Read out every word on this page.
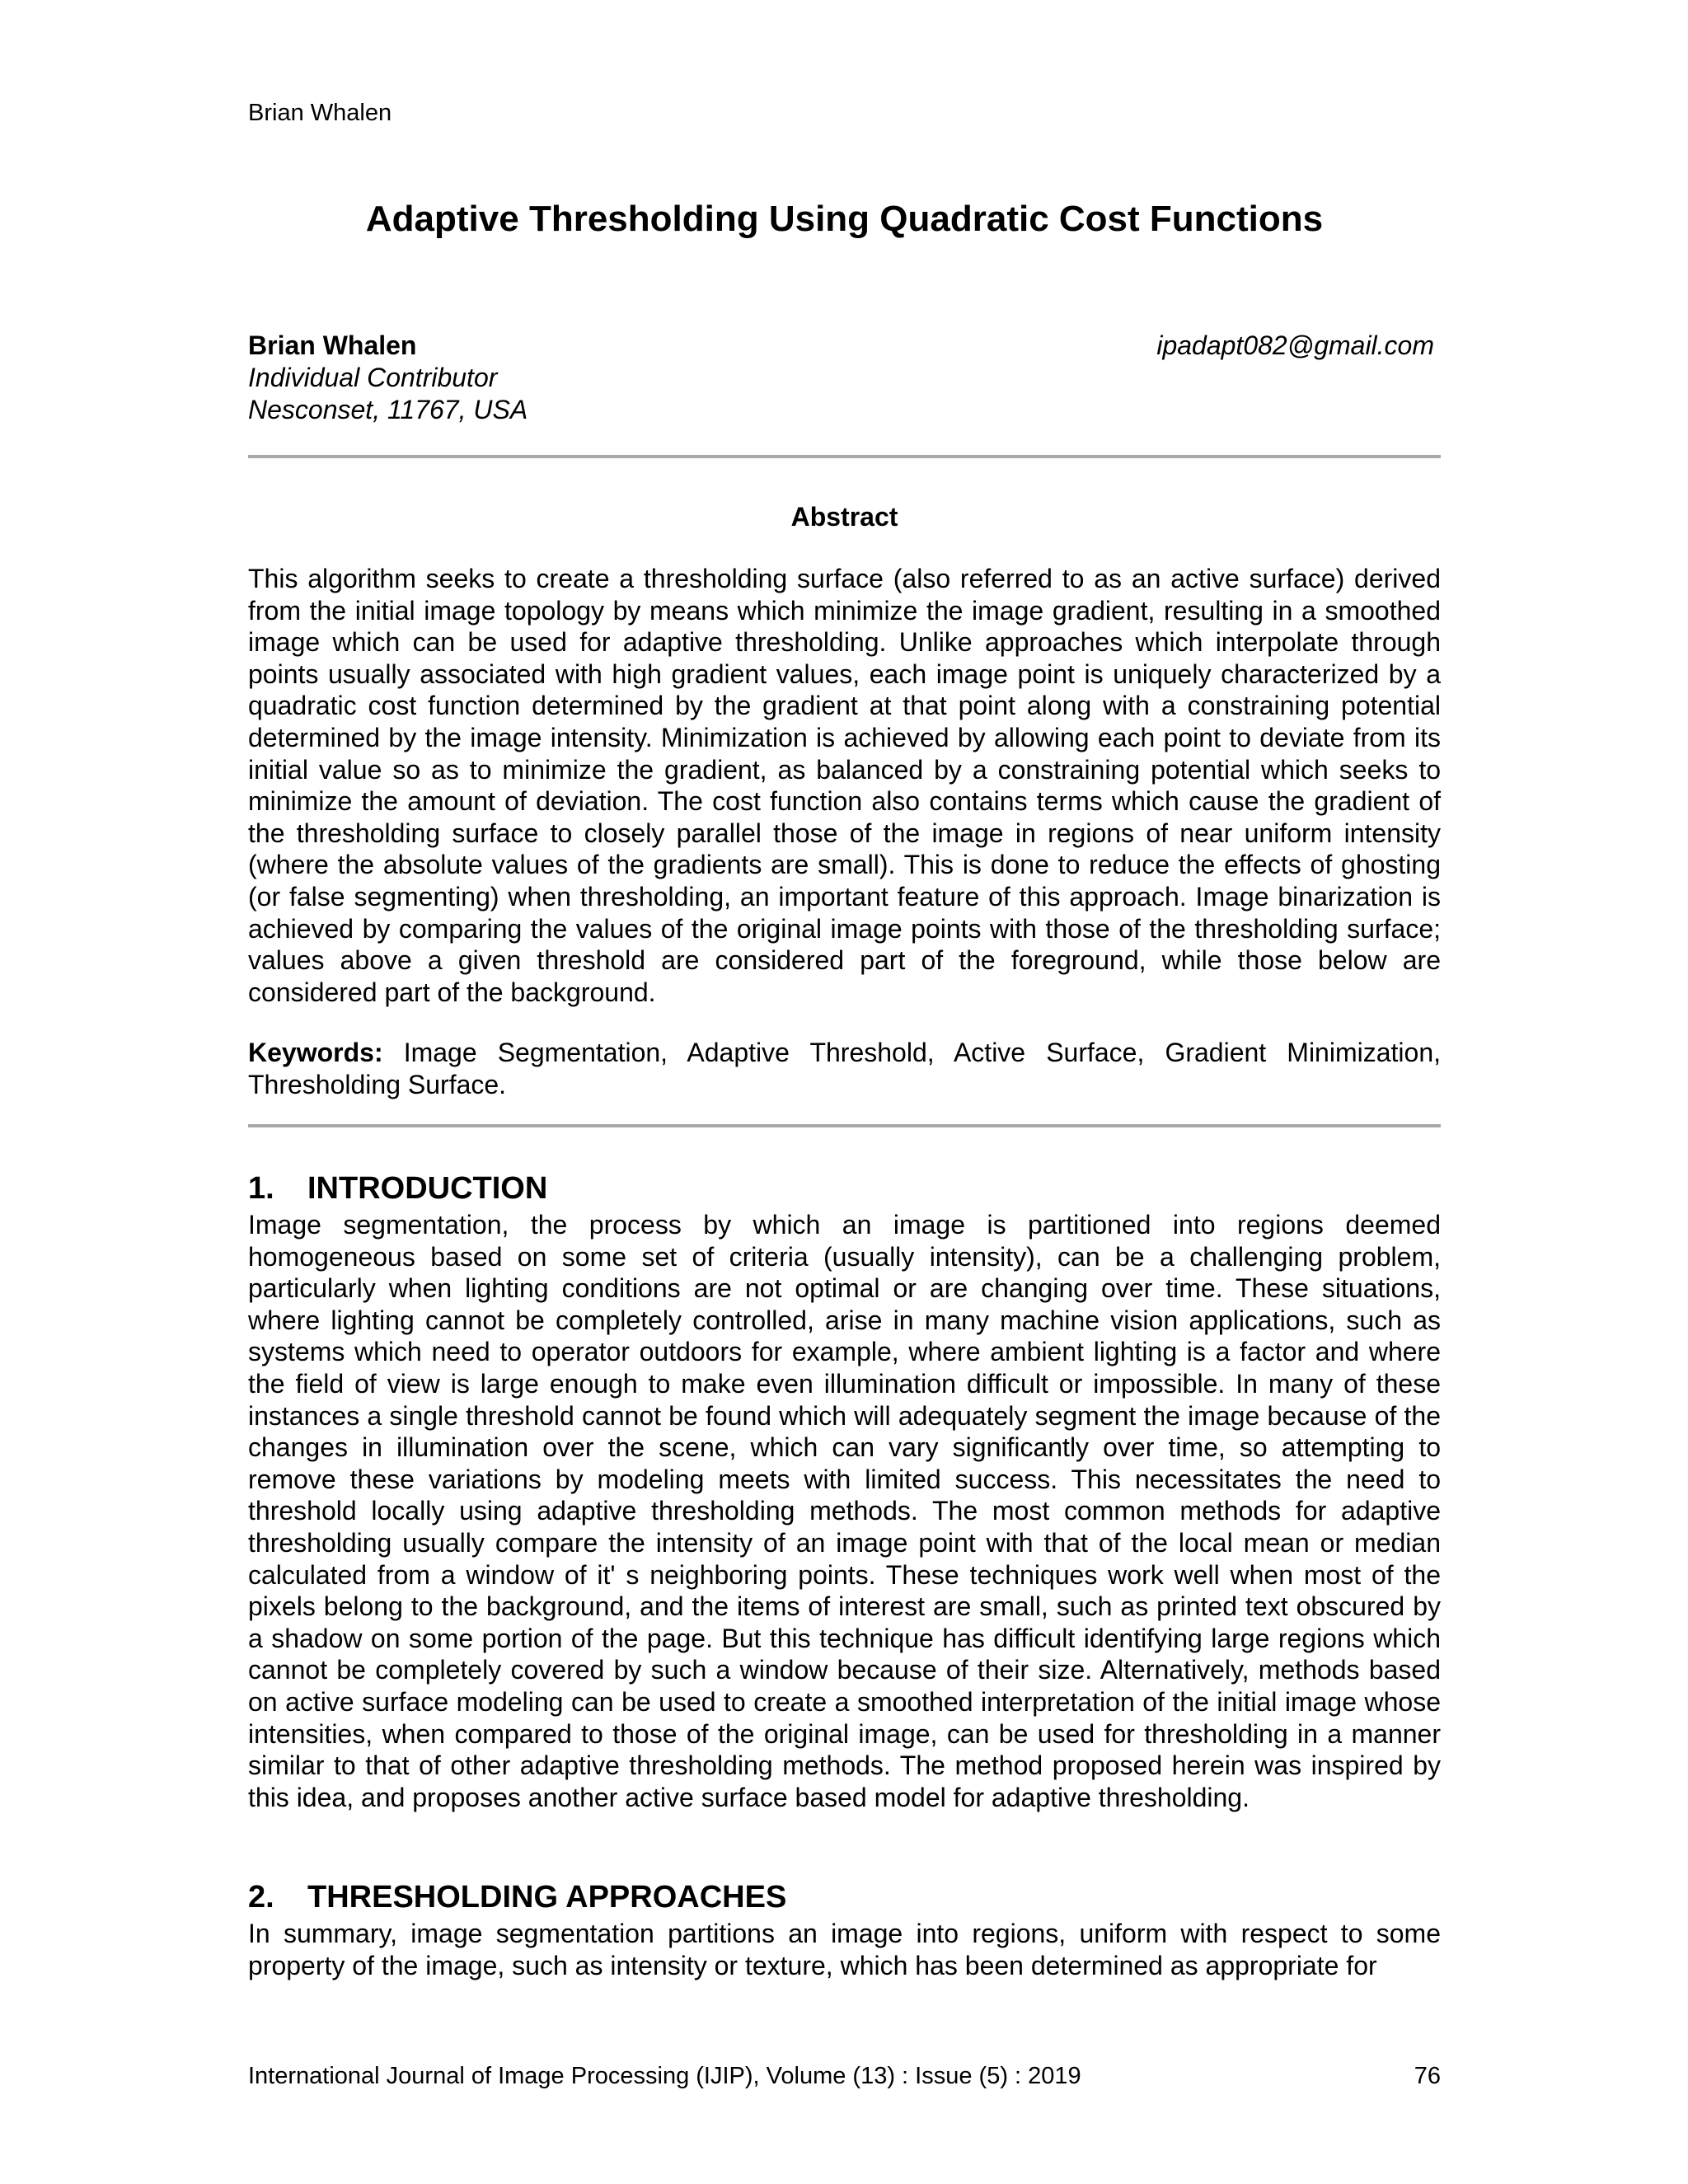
Brian Whalen
Adaptive Thresholding Using Quadratic Cost Functions
Brian Whalen
Individual Contributor
Nesconset, 11767, USA
ipadapt082@gmail.com
Abstract

This algorithm seeks to create a thresholding surface (also referred to as an active surface) derived from the initial image topology by means which minimize the image gradient, resulting in a smoothed image which can be used for adaptive thresholding. Unlike approaches which interpolate through points usually associated with high gradient values, each image point is uniquely characterized by a quadratic cost function determined by the gradient at that point along with a constraining potential determined by the image intensity. Minimization is achieved by allowing each point to deviate from its initial value so as to minimize the gradient, as balanced by a constraining potential which seeks to minimize the amount of deviation. The cost function also contains terms which cause the gradient of the thresholding surface to closely parallel those of the image in regions of near uniform intensity (where the absolute values of the gradients are small). This is done to reduce the effects of ghosting (or false segmenting) when thresholding, an important feature of this approach. Image binarization is achieved by comparing the values of the original image points with those of the thresholding surface; values above a given threshold are considered part of the foreground, while those below are considered part of the background.

Keywords: Image Segmentation, Adaptive Threshold, Active Surface, Gradient Minimization, Thresholding Surface.

1. INTRODUCTION

Image segmentation, the process by which an image is partitioned into regions deemed homogeneous based on some set of criteria (usually intensity), can be a challenging problem, particularly when lighting conditions are not optimal or are changing over time. These situations, where lighting cannot be completely controlled, arise in many machine vision applications, such as systems which need to operator outdoors for example, where ambient lighting is a factor and where the field of view is large enough to make even illumination difficult or impossible. In many of these instances a single threshold cannot be found which will adequately segment the image because of the changes in illumination over the scene, which can vary significantly over time, so attempting to remove these variations by modeling meets with limited success. This necessitates the need to threshold locally using adaptive thresholding methods. The most common methods for adaptive thresholding usually compare the intensity of an image point with that of the local mean or median calculated from a window of it' s neighboring points. These techniques work well when most of the pixels belong to the background, and the items of interest are small, such as printed text obscured by a shadow on some portion of the page. But this technique has difficult identifying large regions which cannot be completely covered by such a window because of their size. Alternatively, methods based on active surface modeling can be used to create a smoothed interpretation of the initial image whose intensities, when compared to those of the original image, can be used for thresholding in a manner similar to that of other adaptive thresholding methods. The method proposed herein was inspired by this idea, and proposes another active surface based model for adaptive thresholding.

2. THRESHOLDING APPROACHES

In summary, image segmentation partitions an image into regions, uniform with respect to some property of the image, such as intensity or texture, which has been determined as appropriate for

International Journal of Image Processing (IJIP), Volume (13) : Issue (5) : 2019	76
